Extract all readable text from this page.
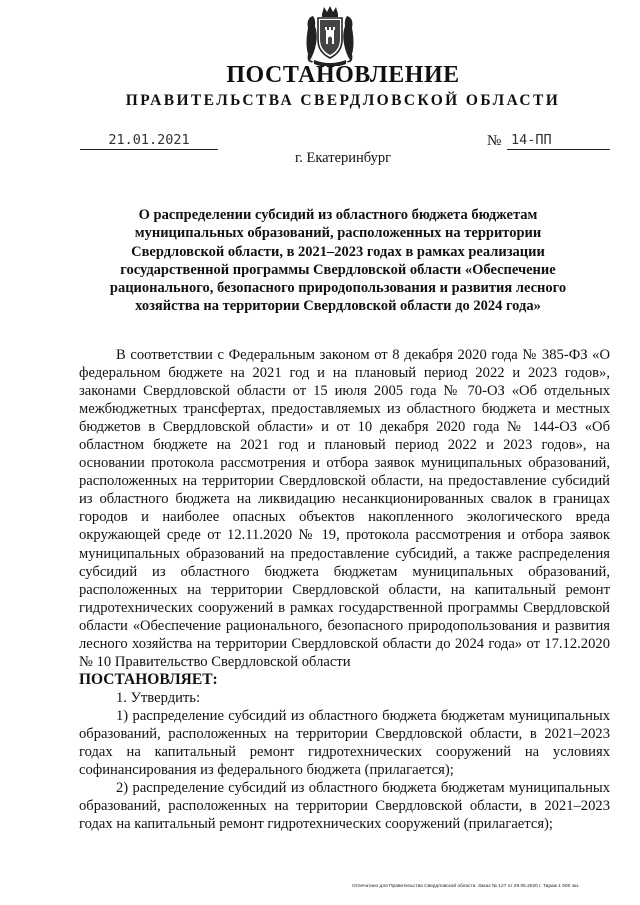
ПОСТАНОВЛЕНИЕ
ПРАВИТЕЛЬСТВА СВЕРДЛОВСКОЙ ОБЛАСТИ
21.01.2021	№ 14-ПП
г. Екатеринбург
О распределении субсидий из областного бюджета бюджетам муниципальных образований, расположенных на территории Свердловской области, в 2021–2023 годах в рамках реализации государственной программы Свердловской области «Обеспечение рационального, безопасного природопользования и развития лесного хозяйства на территории Свердловской области до 2024 года»

В соответствии с Федеральным законом от 8 декабря 2020 года № 385-ФЗ «О федеральном бюджете на 2021 год и на плановый период 2022 и 2023 годов», законами Свердловской области от 15 июля 2005 года № 70-ОЗ «Об отдельных межбюджетных трансфертах, предоставляемых из областного бюджета и местных бюджетов в Свердловской области» и от 10 декабря 2020 года № 144-ОЗ «Об областном бюджете на 2021 год и плановый период 2022 и 2023 годов», на основании протокола рассмотрения и отбора заявок муниципальных образований, расположенных на территории Свердловской области, на предоставление субсидий из областного бюджета на ликвидацию несанкционированных свалок в границах городов и наиболее опасных объектов накопленного экологического вреда окружающей среде от 12.11.2020 № 19, протокола рассмотрения и отбора заявок муниципальных образований на предоставление субсидий, а также распределения субсидий из областного бюджета бюджетам муниципальных образований, расположенных на территории Свердловской области, на капитальный ремонт гидротехнических сооружений в рамках государственной программы Свердловской области «Обеспечение рационального, безопасного природопользования и развития лесного хозяйства на территории Свердловской области до 2024 года» от 17.12.2020 № 10 Правительство Свердловской области

ПОСТАНОВЛЯЕТ:

1. Утвердить:

1) распределение субсидий из областного бюджета бюджетам муниципальных образований, расположенных на территории Свердловской области, в 2021–2023 годах на капитальный ремонт гидротехнических сооружений на условиях софинансирования из федерального бюджета (прилагается);

2) распределение субсидий из областного бюджета бюджетам муниципальных образований, расположенных на территории Свердловской области, в 2021–2023 годах на капитальный ремонт гидротехнических сооружений (прилагается);

Отпечатано для Правительства Свердловской области. Заказ № 127 от 29.05.2020 г. Тираж 1 500 экз.
